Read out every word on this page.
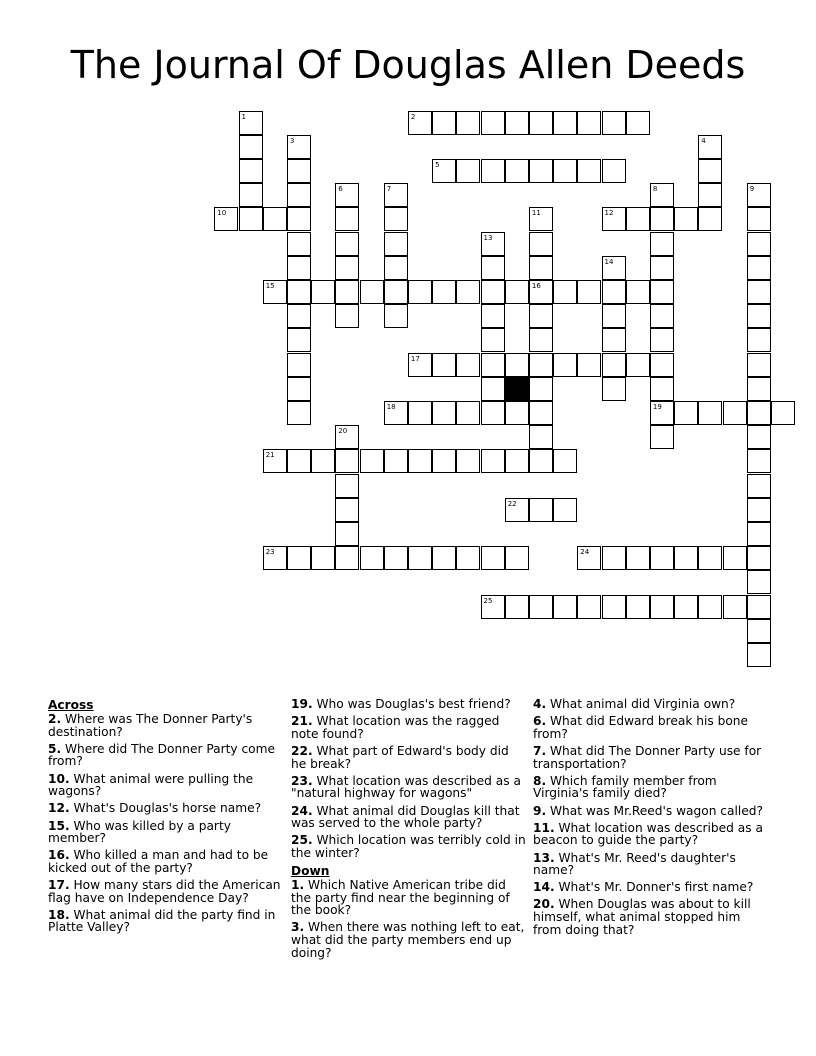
The Journal Of Douglas Allen Deeds
2
5
10	12
15	16
17
18	19
21
22
23	24
25
1
3	4
6	7	8	9
11
13
14
20
Across
2. Where was The Donner Party's destination?
5. Where did The Donner Party come from?
10. What animal were pulling the wagons?
12. What's Douglas's horse name?
15. Who was killed by a party member?
16. Who killed a man and had to be kicked out of the party?
17. How many stars did the American flag have on Independence Day?
18. What animal did the party find in Platte Valley?
19. Who was Douglas's best friend?
21. What location was the ragged note found?
22. What part of Edward's body did he break?
23. What location was described as a "natural highway for wagons"
24. What animal did Douglas kill that was served to the whole party?
25. Which location was terribly cold in the winter?
Down
1. Which Native American tribe did the party find near the beginning of the book?
3. When there was nothing left to eat, what did the party members end up doing?
4. What animal did Virginia own?
6. What did Edward break his bone from?
7. What did The Donner Party use for transportation?
8. Which family member from Virginia's family died?
9. What was Mr.Reed's wagon called?
11. What location was described as a beacon to guide the party?
13. What's Mr. Reed's daughter's name?
14. What's Mr. Donner's first name?
20. When Douglas was about to kill himself, what animal stopped him from doing that?
